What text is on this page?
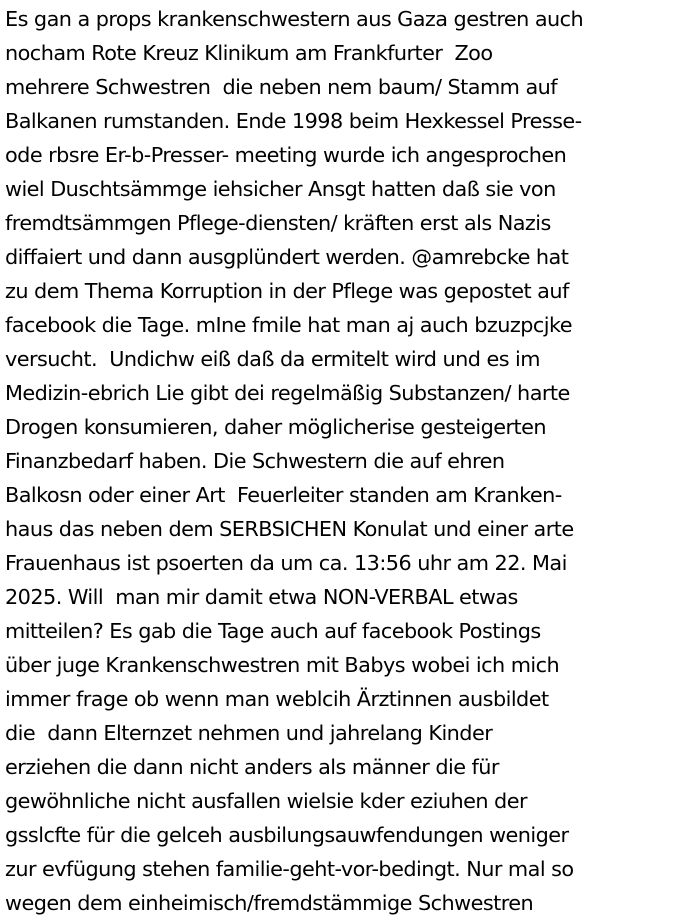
Es gan a props krankenschwestern aus Gaza gestren auch
nocham Rote Kreuz Klinikum am Frankfurter  Zoo
mehrere Schwestren  die neben nem baum/ Stamm auf
Balkanen rumstanden. Ende 1998 beim Hexkessel Presse-
ode rbsre Er-b-Presser- meeting wurde ich angesprochen
wiel Duschtsämmge iehsicher Ansgt hatten daß sie von
fremdtsämmgen Pflege-diensten/ kräften erst als Nazis
diffaiert und dann ausgplündert werden. @amrebcke hat
zu dem Thema Korruption in der Pflege was gepostet auf
facebook die Tage. mIne fmile hat man aj auch bzuzpcjke
versucht.  Undichw eiß daß da ermitelt wird und es im
Medizin-ebrich Lie gibt dei regelmäßig Substanzen/ harte
Drogen konsumieren, daher möglicherise gesteigerten
Finanzbedarf haben. Die Schwestern die auf ehren
Balkosn oder einer Art  Feuerleiter standen am Kranken-
haus das neben dem SERBSICHEN Konulat und einer arte
Frauenhaus ist psoerten da um ca. 13:56 uhr am 22. Mai
2025. Will  man mir damit etwa NON-VERBAL etwas
mitteilen? Es gab die Tage auch auf facebook Postings
über juge Krankenschwestren mit Babys wobei ich mich
immer frage ob wenn man weblcih Ärztinnen ausbildet
die  dann Elternzet nehmen und jahrelang Kinder
erziehen die dann nicht anders als männer die für
gewöhnliche nicht ausfallen wielsie kder eziuhen der
gsslcfte für die gelceh ausbilungsauwfendungen weniger
zur evfügung stehen familie-geht-vor-bedingt. Nur mal so
wegen dem einheimisch/fremdstämmige Schwestren
